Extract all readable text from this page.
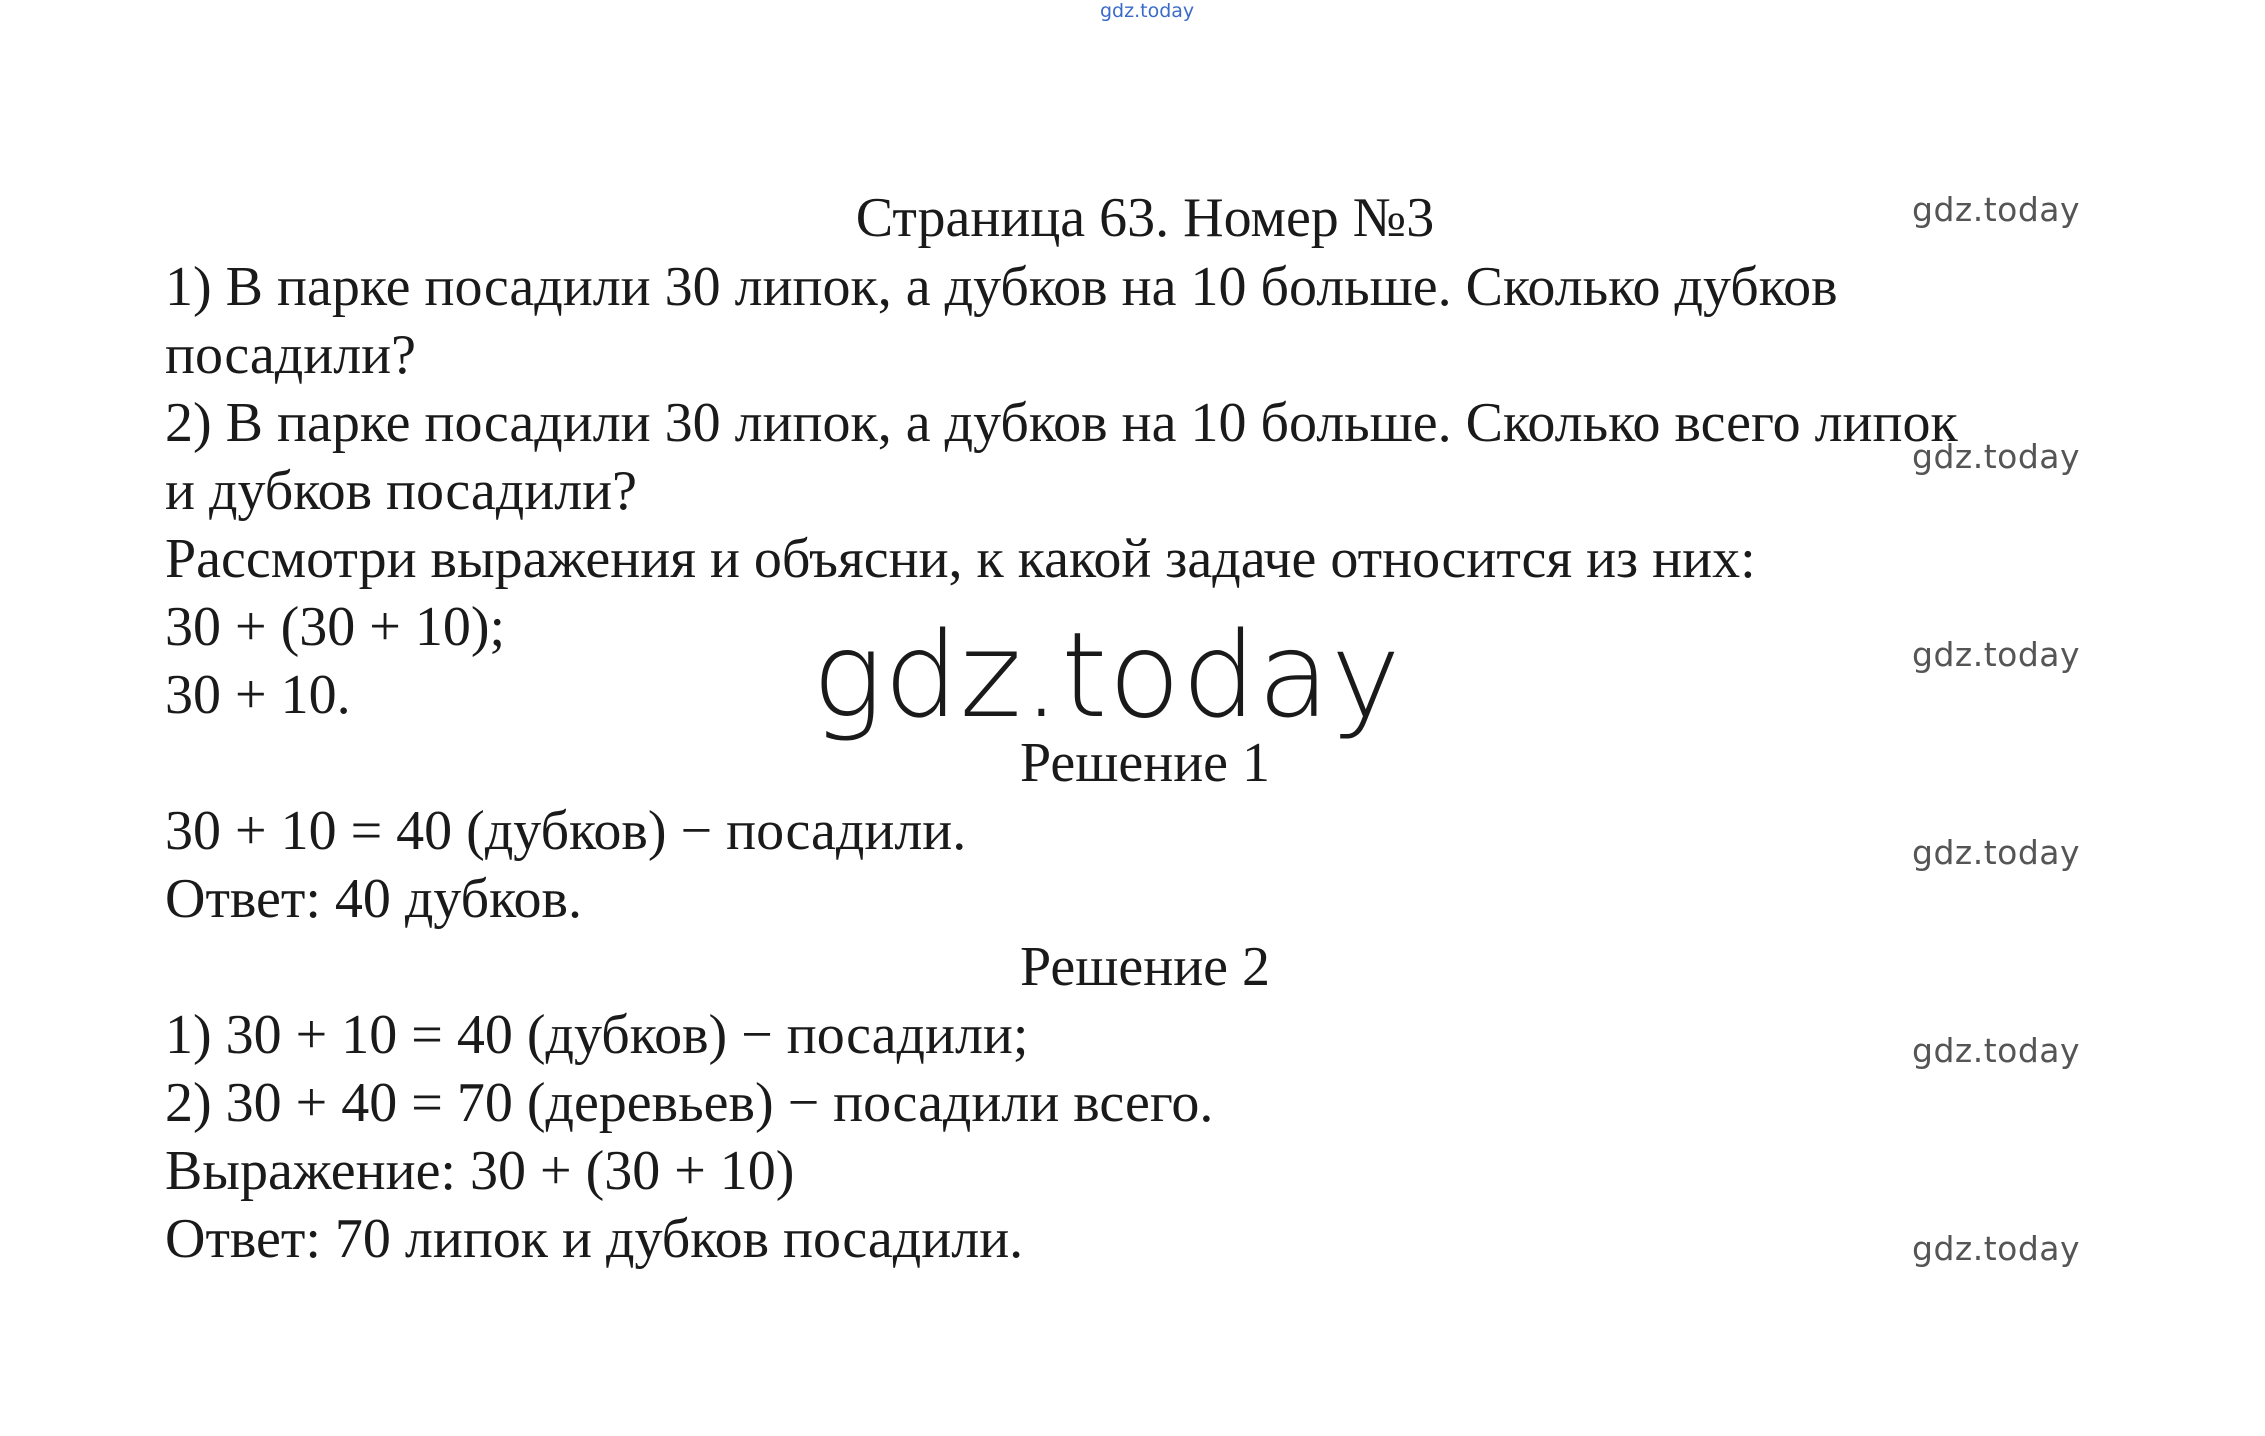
gdz.today
Страница 63. Номер №3
1) В парке посадили 30 липок, а дубков на 10 больше. Сколько дубков
посадили?
2) В парке посадили 30 липок, а дубков на 10 больше. Сколько всего липок
и дубков посадили?
Рассмотри выражения и объясни, к какой задаче относится из них:
30 + (30 + 10);
30 + 10.	gdz.today
Решение 1
30 + 10 = 40 (дубков) − посадили.
Ответ: 40 дубков.
Решение 2
1) 30 + 10 = 40 (дубков) − посадили;
2) 30 + 40 = 70 (деревьев) − посадили всего.
Выражение: 30 + (30 + 10)
Ответ: 70 липок и дубков посадили.
gdz.today
gdz.today
gdz.today
gdz.today
gdz.today
gdz.today
